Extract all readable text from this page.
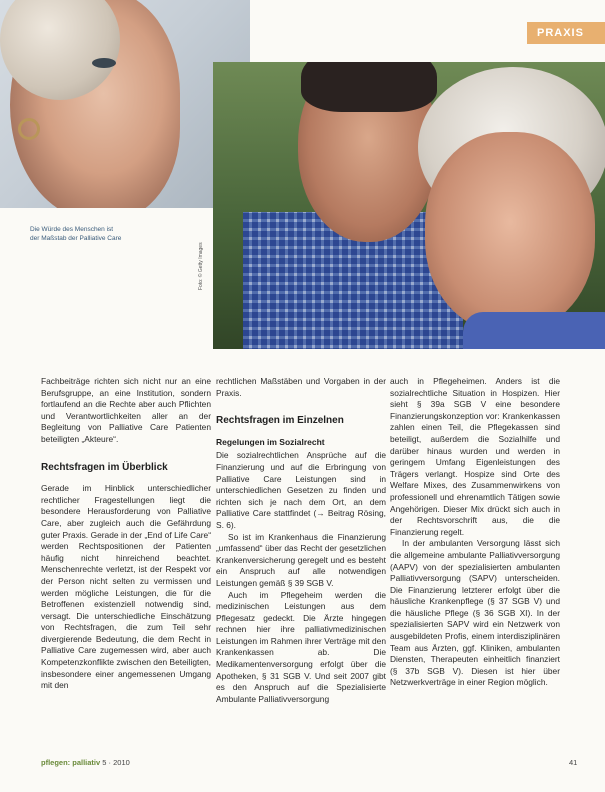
PRAXIS
Die Würde des Menschen ist
der Maßstab der Palliative Care
Foto: © Getty Images

Fachbeiträge richten sich nicht nur an eine Berufsgruppe, an eine Institution, sondern fortlaufend an die Rechte aber auch Pflichten und Verantwortlichkeiten aller an der Begleitung von Palliative Care Patienten beteiligten „Akteure“.

Rechtsfragen im Überblick

Gerade im Hinblick unterschiedlicher rechtlicher Fragestellungen liegt die besondere Herausforderung von Palliative Care, aber zugleich auch die Gefährdung guter Praxis. Gerade in der „End of Life Care“ werden Rechtspositionen der Patienten häufig nicht hinreichend beachtet. Menschenrechte verletzt, ist der Respekt vor der Person nicht selten zu vermissen und werden mögliche Leistungen, die für die Betroffenen existenziell notwendig sind, versagt. Die unterschiedliche Einschätzung von Rechtsfragen, die zum Teil sehr divergierende Bedeutung, die dem Recht in Palliative Care zugemessen wird, aber auch Kompetenzkonflikte zwischen den Beteiligten, insbesondere einer angemessenen Umgang mit den

rechtlichen Maßstäben und Vorgaben in der Praxis.

Rechtsfragen im Einzelnen
Regelungen im Sozialrecht

Die sozialrechtlichen Ansprüche auf die Finanzierung und auf die Erbringung von Palliative Care Leistungen sind in unterschiedlichen Gesetzen zu finden und richten sich je nach dem Ort, an dem Palliative Care stattfindet (→ Beitrag Rösing, S. 6).

So ist im Krankenhaus die Finanzierung „umfassend“ über das Recht der gesetzlichen Krankenversicherung geregelt und es besteht ein Anspruch auf alle notwendigen Leistungen gemäß § 39 SGB V.

Auch im Pflegeheim werden die medizinischen Leistungen aus dem Pflegesatz gedeckt. Die Ärzte hingegen rechnen hier ihre palliativmedizinischen Leistungen im Rahmen ihrer Verträge mit den Krankenkassen ab. Die Medikamentenversorgung erfolgt über die Apotheken, § 31 SGB V. Und seit 2007 gibt es den Anspruch auf die Spezialisierte Ambulante Palliativversorgung

auch in Pflegeheimen. Anders ist die sozialrechtliche Situation in Hospizen. Hier sieht § 39a SGB V eine besondere Finanzierungskonzeption vor: Krankenkassen zahlen einen Teil, die Pflegekassen sind beteiligt, außerdem die Sozialhilfe und darüber hinaus wurden und werden in geringem Umfang Eigenleistungen des Trägers verlangt. Hospize sind Orte des Welfare Mixes, des Zusammenwirkens von professionell und ehrenamtlich Tätigen sowie Angehörigen. Dieser Mix drückt sich auch in der Rechtsvorschrift aus, die die Finanzierung regelt.

In der ambulanten Versorgung lässt sich die allgemeine ambulante Palliativversorgung (AAPV) von der spezialisierten ambulanten Palliativversorgung (SAPV) unterscheiden. Die Finanzierung letzterer erfolgt über die häusliche Krankenpflege (§ 37 SGB V) und die häusliche Pflege (§ 36 SGB XI). In der spezialisierten SAPV wird ein Netzwerk von ausgebildeten Profis, einem interdisziplinären Team aus Ärzten, ggf. Kliniken, ambulanten Diensten, Therapeuten einheitlich finanziert (§ 37b SGB V). Diesen ist hier über Netzwerkverträge in einer Region möglich.

pflegen: palliativ 5 · 2010	41
